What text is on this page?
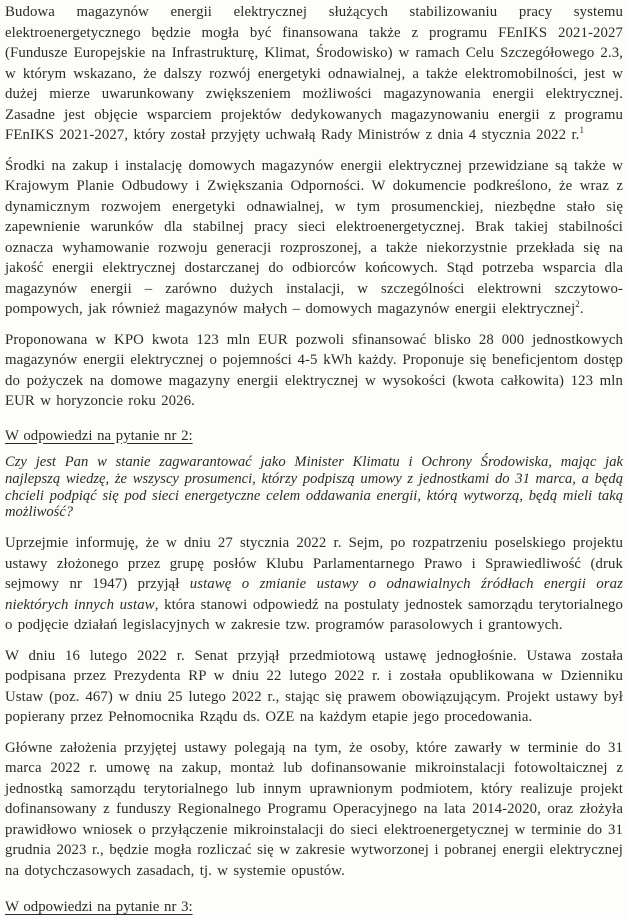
Budowa magazynów energii elektrycznej służących stabilizowaniu pracy systemu elektroenergetycznego będzie mogła być finansowana także z programu FEnIKS 2021-2027 (Fundusze Europejskie na Infrastrukturę, Klimat, Środowisko) w ramach Celu Szczegółowego 2.3, w którym wskazano, że dalszy rozwój energetyki odnawialnej, a także elektromobilności, jest w dużej mierze uwarunkowany zwiększeniem możliwości magazynowania energii elektrycznej. Zasadne jest objęcie wsparciem projektów dedykowanych magazynowaniu energii z programu FEnIKS 2021-2027, który został przyjęty uchwałą Rady Ministrów z dnia 4 stycznia 2022 r.$^1$

Środki na zakup i instalację domowych magazynów energii elektrycznej przewidziane są także w Krajowym Planie Odbudowy i Zwiększania Odporności. W dokumencie podkreślono, że wraz z dynamicznym rozwojem energetyki odnawialnej, w tym prosumenckiej, niezbędne stało się zapewnienie warunków dla stabilnej pracy sieci elektroenergetycznej. Brak takiej stabilności oznacza wyhamowanie rozwoju generacji rozproszonej, a także niekorzystnie przekłada się na jakość energii elektrycznej dostarczanej do odbiorców końcowych. Stąd potrzeba wsparcia dla magazynów energii – zarówno dużych instalacji, w szczególności elektrowni szczytowo-pompowych, jak również magazynów małych – domowych magazynów energii elektrycznej$^2$.

Proponowana w KPO kwota 123 mln EUR pozwoli sfinansować blisko 28 000 jednostkowych magazynów energii elektrycznej o pojemności 4-5 kWh każdy. Proponuje się beneficjentom dostęp do pożyczek na domowe magazyny energii elektrycznej w wysokości (kwota całkowita) 123 mln EUR w horyzoncie roku 2026.

W odpowiedzi na pytanie nr 2:

Czy jest Pan w stanie zagwarantować jako Minister Klimatu i Ochrony Środowiska, mając jak najlepszą wiedzę, że wszyscy prosumenci, którzy podpiszą umowy z jednostkami do 31 marca, a będą chcieli podpiąć się pod sieci energetyczne celem oddawania energii, którą wytworzą, będą mieli taką możliwość?

Uprzejmie informuję, że w dniu 27 stycznia 2022 r. Sejm, po rozpatrzeniu poselskiego projektu ustawy złożonego przez grupę posłów Klubu Parlamentarnego Prawo i Sprawiedliwość (druk sejmowy nr 1947) przyjął ustawę o zmianie ustawy o odnawialnych źródłach energii oraz niektórych innych ustaw, która stanowi odpowiedź na postulaty jednostek samorządu terytorialnego o podjęcie działań legislacyjnych w zakresie tzw. programów parasolowych i grantowych.

W dniu 16 lutego 2022 r. Senat przyjął przedmiotową ustawę jednogłośnie. Ustawa została podpisana przez Prezydenta RP w dniu 22 lutego 2022 r. i została opublikowana w Dzienniku Ustaw (poz. 467) w dniu 25 lutego 2022 r., stając się prawem obowiązującym. Projekt ustawy był popierany przez Pełnomocnika Rządu ds. OZE na każdym etapie jego procedowania.

Główne założenia przyjętej ustawy polegają na tym, że osoby, które zawarły w terminie do 31 marca 2022 r. umowę na zakup, montaż lub dofinansowanie mikroinstalacji fotowoltaicznej z jednostką samorządu terytorialnego lub innym uprawnionym podmiotem, który realizuje projekt dofinansowany z funduszy Regionalnego Programu Operacyjnego na lata 2014-2020, oraz złożyła prawidłowo wniosek o przyłączenie mikroinstalacji do sieci elektroenergetycznej w terminie do 31 grudnia 2023 r., będzie mogła rozliczać się w zakresie wytworzonej i pobranej energii elektrycznej na dotychczasowych zasadach, tj. w systemie opustów.

W odpowiedzi na pytanie nr 3:
